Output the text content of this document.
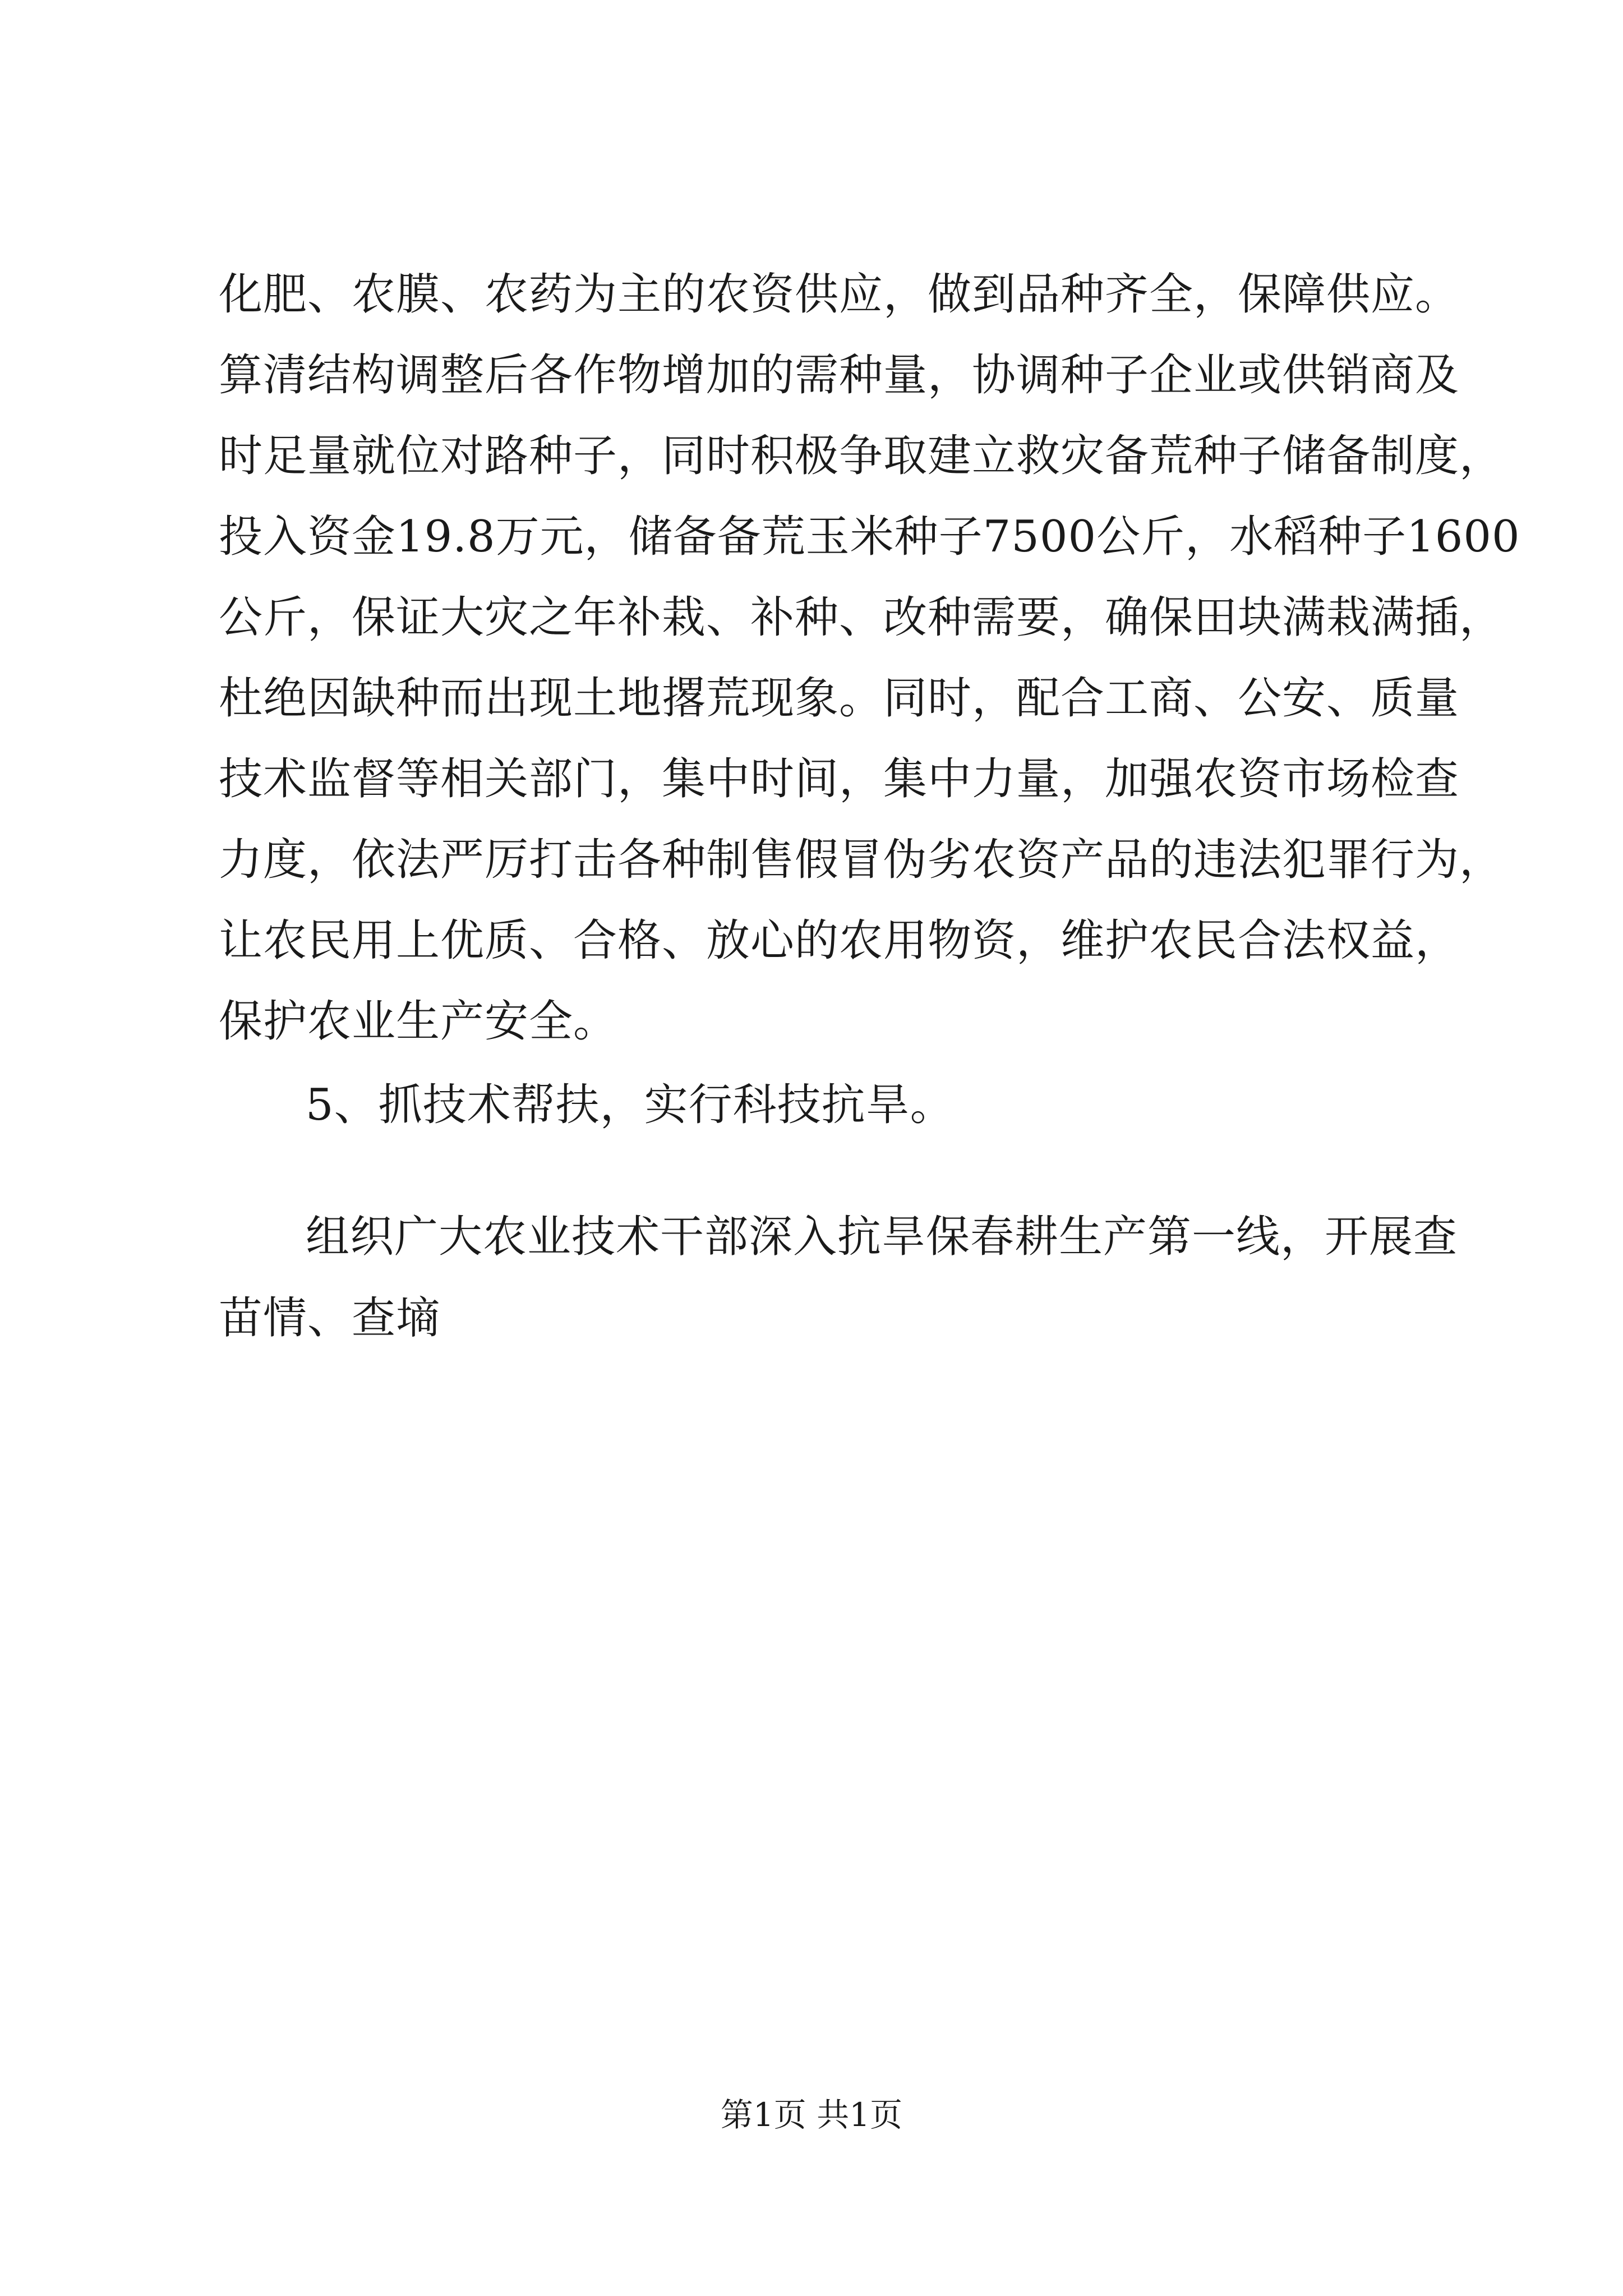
化肥、农膜、农药为主的农资供应，做到品种齐全，保障供应。
算清结构调整后各作物增加的需种量，协调种子企业或供销商及
时足量就位对路种子，同时积极争取建立救灾备荒种子储备制度，
投入资金19.8万元，储备备荒玉米种子7500公斤，水稻种子1600
公斤，保证大灾之年补栽、补种、改种需要，确保田块满栽满插，
杜绝因缺种而出现土地撂荒现象。同时，配合工商、公安、质量
技术监督等相关部门，集中时间，集中力量，加强农资市场检查
力度，依法严厉打击各种制售假冒伪劣农资产品的违法犯罪行为，
让农民用上优质、合格、放心的农用物资，维护农民合法权益，
保护农业生产安全。
5、抓技术帮扶，实行科技抗旱。
组织广大农业技术干部深入抗旱保春耕生产第一线，开展查
苗情、查墒
第1页 共1页
